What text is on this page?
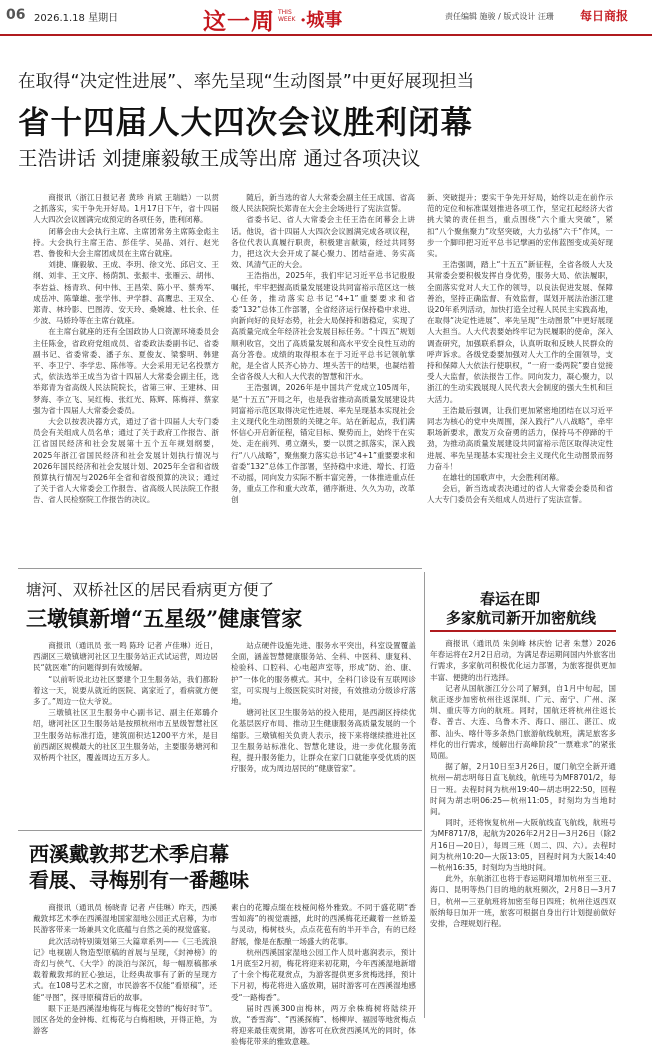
06 2026.1.18 星期日	这一周 THIS WEEK ·城事	责任编辑 施骏 / 版式设计 汪珊 每日商报
在取得“决定性进展”、率先呈现“生动图景”中更好展现担当
省十四届人大四次会议胜利闭幕
王浩讲话 刘捷廉毅敏王成等出席 通过各项决议

商报讯（浙江日报记者 黄珍 肖斌 王瑞皓）一以贯之抓落实，实干争先开好局。1月17日下午，省十四届人大四次会议圆满完成预定的各项任务，胜利闭幕。

闭幕会由大会执行主席、主席团常务主席陈金彪主持。大会执行主席王浩、彭佳学、吴晶、刘行、赵光君、鲁俊和大会主席团成员在主席台就座。

刘捷、廉毅敏、王成、李玥、徐文光、邱启文、王纲、刘非、王文序、杨荫凯、张振丰、张雁云、胡伟、李岩益、杨青玖、何中伟、王昌荣、陈小平、蔡秀军、成岳冲、陈肇雄、张学伟、尹学群、高鹰忠、王双全、郑青、林玲影、巴图涛、安天玲、桑婉雄、杜长余、任少波、马娇玲等在主席台就座。

在主席台就座的还有全国政协人口资源环境委员会主任陈金，省政府党组成员、省委政法委副书记、省委副书记、省委常委、潘子东、夏俊友、梁黎明、韩建平、李卫宁、李学忠、陈伟等。大会采用无记名投票方式，依法选举王成当为省十四届人大常委会副主任，选举郑青为省高级人民法院院长，省第三审、王建林、田梦海、李立飞、吴红梅、张红光、陈辉、陈梅祥、蔡家强为省十四届人大常委会委员。

大会以按表决器方式，通过了省十四届人大专门委员会有关组成人员名单；通过了关于政府工作报告、浙江省国民经济和社会发展第十五个五年规划纲要，2025年浙江省国民经济和社会发展计划执行情况与2026年国民经济和社会发展计划、2025年全省和省级预算执行情况与2026年全省和省级预算的决议；通过了关于省人大常委会工作报告、省高级人民法院工作报告、省人民检察院工作报告的决议。

随后，新当选的省人大常委会副主任王成国、省高级人民法院院长郑青在大会主会场进行了宪法宣誓。

省委书记、省人大常委会主任王浩在闭幕会上讲话。他说，省十四届人大四次会议圆满完成各项议程，各位代表认真履行职责，积极建言献策，经过共同努力，把这次大会开成了凝心聚力、团结奋进、务实高效、风清气正的大会。

王浩指出，2025年，我们牢记习近平总书记殷殷嘱托，牢牢把握高质量发展建设共同富裕示范区这一核心任务，推动落实总书记“4+1”重要要求和省委“132”总体工作部署，全省经济运行保持稳中求进、向新向好的良好态势，社会大局保持和谐稳定，实现了高质量完成全年经济社会发展目标任务。“十四五”规划顺利收官，交出了高质量发展和高水平安全良性互动的高分答卷。成绩的取得根本在于习近平总书记领航掌舵，是全省人民齐心协力、埋头苦干的结果，也凝结着全省各级人大和人大代表的智慧和汗水。

王浩强调，2026年是中国共产党成立105周年，是“十五五”开局之年，也是我省推动高质量发展建设共同富裕示范区取得决定性进展、率先呈现基本实现社会主义现代化生动图景的关键之年。站在新起点，我们满怀信心开启新征程，锚定目标、聚势而上，始终干在实处、走在前列、勇立潮头，要一以贯之抓落实，深入践行“八八战略”，聚焦聚力落实总书记“4+1”重要要求和省委“132”总体工作部署，坚持稳中求进、增长、打造不动摇，同向发力实际不断丰富完善，一体推进重点任务，重点工作和重大改革，循序渐进、久久为功，改革创

新、突破提升；要实干争先开好局，始终以走在前作示范的定位和标准谋划推进各项工作，坚定扛起经济大省挑大梁的责任担当，重点围绕“六个重大突破”，紧扣“八个聚焦聚力”攻坚突破，大力弘扬“六千”作风，一步一个脚印把习近平总书记擘画的宏伟蓝图变成美好现实。

王浩强调，踏上“十五五”新征程，全省各级人大及其常委会要积极发挥自身优势，服务大局、依法履职，全面落实党对人大工作的领导，以良法促进发展、保障善治，坚持正确监督、有效监督，谋划开展法治浙江建设20年系列活动，加快打造全过程人民民主实践高地，在取得“决定性进展”、率先呈现“生动图景”中更好展现人大担当。人大代表要始终牢记为民履职的使命，深入调查研究，加强联系群众，认真听取和反映人民群众的呼声诉求。各级党委要加强对人大工作的全面领导，支持和保障人大依法行使职权，“一府一委两院”要自觉接受人大监督，依法报告工作。同向发力，凝心聚力，以浙江的生动实践展现人民代表大会制度的强大生机和巨大活力。

王浩最后强调，让我们更加紧密地团结在以习近平同志为核心的党中央周围，深入践行“八八战略”，牵牢职场新要求，激发万众奋勇的活力，保持马不停蹄的干劲，为推动高质量发展建设共同富裕示范区取得决定性进展、率先呈现基本实现社会主义现代化生动图景而努力奋斗！

在雄壮的国歌声中，大会胜利闭幕。

会后，新当选或表决通过的省人大常委会委员和省人大专门委员会有关组成人员进行了宪法宣誓。

塘河、双桥社区的居民看病更方便了
三墩镇新增“五星级”健康管家

商报讯（通讯员 张一鸣 陈玲 记者 卢佳琳）近日，西湖区三墩镇塘河社区卫生服务站正式试运营，周边居民“就医难”的问题得到有效缓解。

“以前听说北边社区要建个卫生服务站，我们都盼着这一天，说要从就近的医院、离家近了，看病就方便多了。”周边一位大爷说。

三墩镇社区卫生服务中心副书记、副主任郑璐介绍，塘河社区卫生服务站是按照杭州市五星级智慧社区卫生服务站标准打造，建筑面积达1200平方米，是目前西湖区规模最大的社区卫生服务站，主要服务塘河和双桥两个社区，覆盖周边五万多人。

站点硬件设施先进、服务水平突出，科室设置覆盖全面，涵盖智慧健康服务站、全科、中医科、康复科、检验科、口腔科、心电超声室等，形成“防、治、康、护”一体化的服务模式。其中，全科门诊设有互联网诊室，可实现与上级医院实时对接，有效推动分级诊疗落地。

塘河社区卫生服务站的投入使用，是西湖区持续优化基层医疗布局、推动卫生健康服务高质量发展的一个缩影。三墩镇相关负责人表示，接下来将继续推进社区卫生服务站标准化、智慧化建设，进一步优化服务流程，提升服务能力，让群众在家门口就能享受优质的医疗服务，成为周边居民的“健康管家”。

西溪戴敦邦艺术季启幕
看展、寻梅别有一番趣味

商报讯（通讯员 杨晓青 记者 卢佳琳）昨天，西溪戴敦邦艺术季在西溪湿地国家湿地公园正式启幕，为市民游客带来一场兼具文化底蕴与自然之美的视觉盛宴。

此次活动特别策划第三大篇章系列——《三毛流浪记》电视剧人物造型原稿的首展与呈现，《封神榜》的奇幻与侠气、《大学》的淡泊与深沉，每一幅原稿都承载着戴敦邦的匠心独运，让经典故事有了新的呈现方式。在108号艺术之窗，市民游客不仅能“看原稿”，还能“寻图”，探寻原稿背后的故事。

眼下正是西溪湿地梅花与梅花交替的“梅好时节”。园区各处的金钟梅、红梅花与白梅相映，开得正艳，为游客

素白的花瓣点缀在枝桠间格外雅致。不同于盛花期“香雪如海”的视觉震撼，此时的西溪梅花还藏着一丝娇羞与灵动，梅树枝头，点点花苞有的半开半合，有的已经舒展，像是在酝酿一场盛大的花事。

杭州西溪国家湿地公园工作人员叶惠润表示，预计1月底至2月初，梅花将迎来初花期，今年西溪湿地新增了十余个梅花观赏点，为游客提供更多赏梅选择，预计下月初，梅花将进入盛放期，届时游客可在西溪湿地感受“一路梅香”。

届时西溪300亩梅林，两万余株梅树将陆续开放，“香雪海”、“西溪探梅”、杨柳岸、福园等地赏梅点将迎来最佳观赏期，游客可在欣赏西溪风光的同时，体验梅花带来的雅致意趣。

春运在即
多家航司新开加密航线

商报讯（通讯员 朱剑峰 林庆怡 记者 朱慧）2026年春运将在2月2日启动，为满足春运期间国内外旅客出行需求，多家航司积极优化运力部署，为旅客提供更加丰富、便捷的出行选择。

记者从国航浙江分公司了解到，自1月中旬起，国航正逐步加密杭州往返深圳、广元、南宁、广州、深圳、重庆等方向的航班。同时，国航还将杭州往返长春、普吉、大连、乌鲁木齐、海口、丽江、湛江、成都、汕头、喀什等多条热门旅游航线航班，满足旅客多样化的出行需求，缓解出行高峰阶段“一票难求”的紧张局面。

据了解，2月10日至3月26日，厦门航空全新开通杭州—胡志明每日直飞航线，航班号为MF8701/2，每日一班。去程时间为杭州19:40—胡志明22:50，回程时间为胡志明06:25—杭州11:05，时刻均为当地时间。

同时，还将恢复杭州—大阪航线直飞航线，航班号为MF8717/8，起航为2026年2月2日—3月26日（除2月16日—20日），每周三班（周二、四、六）。去程时间为杭州10:20—大阪13:05，回程时间为大阪14:40—杭州16:35，时刻均为当地时间。

此外，东航浙江也将于春运期间增加杭州至三亚、海口、昆明等热门目的地的航班频次，2月8日—3月7日，杭州—三亚航班将加密至每日四班；杭州往返西双版纳每日加开一班，旅客可根据自身出行计划提前做好安排，合理规划行程。
